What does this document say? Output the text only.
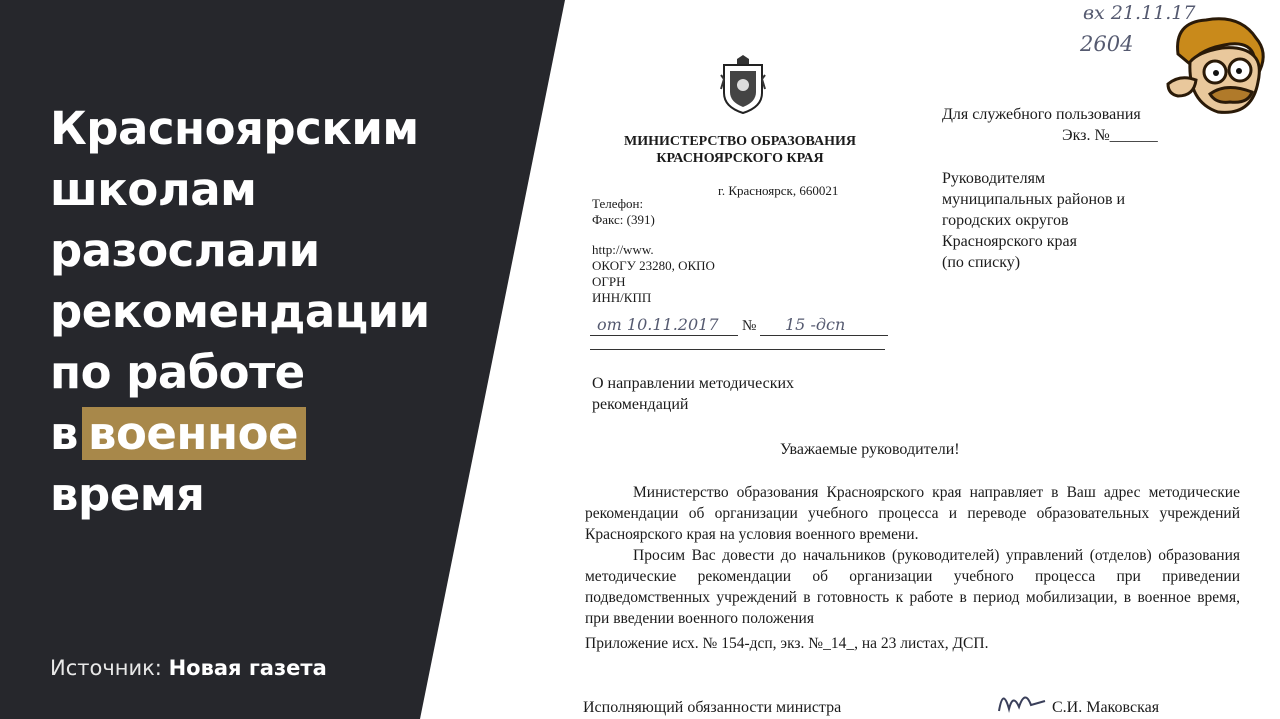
вх 21.11.17
2604
МИНИСТЕРСТВО ОБРАЗОВАНИЯ
КРАСНОЯРСКОГО КРАЯ
г. Красноярск, 660021
Телефон:
Факс: (391)
http://www.
ОКОГУ 23280, ОКПО
ОГРН
ИНН/КПП
от 10.11.2017 № 15 -дсп
Для служебного пользования
Экз. №______
Руководителям
муниципальных районов и
городских округов
Красноярского края
(по списку)
О направлении методических
рекомендаций
Уважаемые руководители!

Министерство образования Красноярского края направляет в Ваш адрес методические рекомендации об организации учебного процесса и переводе образовательных учреждений Красноярского края на условия военного времени.

Просим Вас довести до начальников (руководителей) управлений (отделов) образования методические рекомендации об организации учебного процесса при приведении подведомственных учреждений в готовность к работе в период мобилизации, в военное время, при введении военного положения

Приложение исх. № 154-дсп, экз. №_14_, на 23 листах, ДСП.
Исполняющий обязанности министра	С.И. Маковская
Красноярским
школам
разослали
рекомендации
по работе
в военное
время
Источник: Новая газета
